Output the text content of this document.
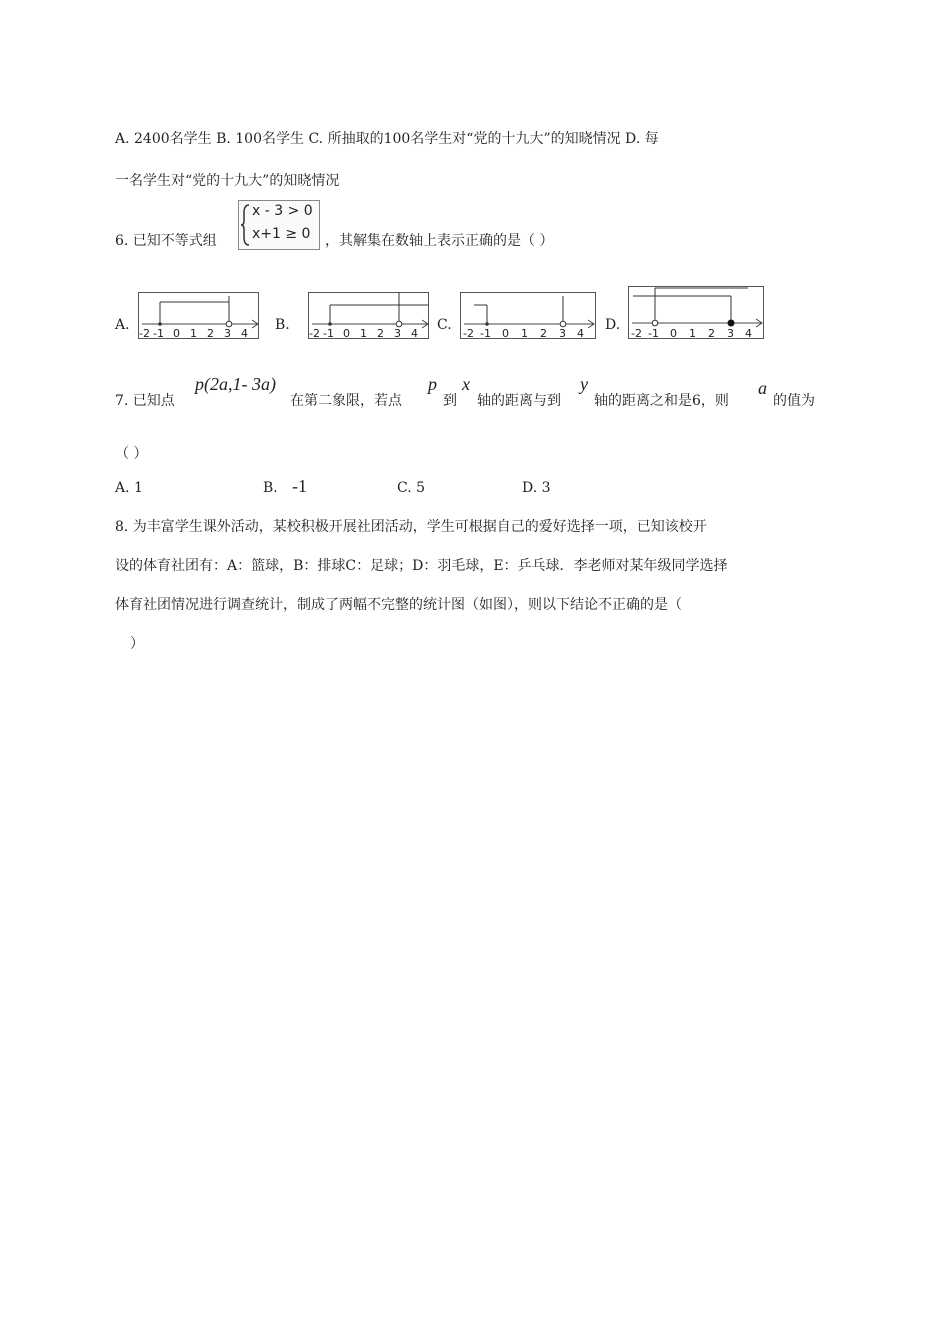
A. 2400名学生 B. 100名学生 C. 所抽取的100名学生对“党的十九大”的知晓情况 D. 每
一名学生对“党的十九大”的知晓情况
6. 已知不等式组
x - 3 > 0
x+1 ≥ 0 ，其解集在数轴上表示正确的是（ ）
A.	B.	C.	D.
-2 -1 0 1 2 3 4	-2 -1 0 1 2 3 4	-2 -1 0 1 2 3 4	-2 -1 0 1 2 3 4
7. 已知点
p(2a,1- 3a)
在第二象限，若点
p
到
x
轴的距离与到
y
轴的距离之和是6，则
a
的值为
（ ）
A. 1	B. -1	C. 5	D. 3
8. 为丰富学生课外活动，某校积极开展社团活动，学生可根据自己的爱好选择一项，已知该校开
设的体育社团有：A：篮球，B：排球C：足球；D：羽毛球，E：乒乓球．李老师对某年级同学选择
体育社团情况进行调查统计，制成了两幅不完整的统计图（如图），则以下结论不正确的是（
）
